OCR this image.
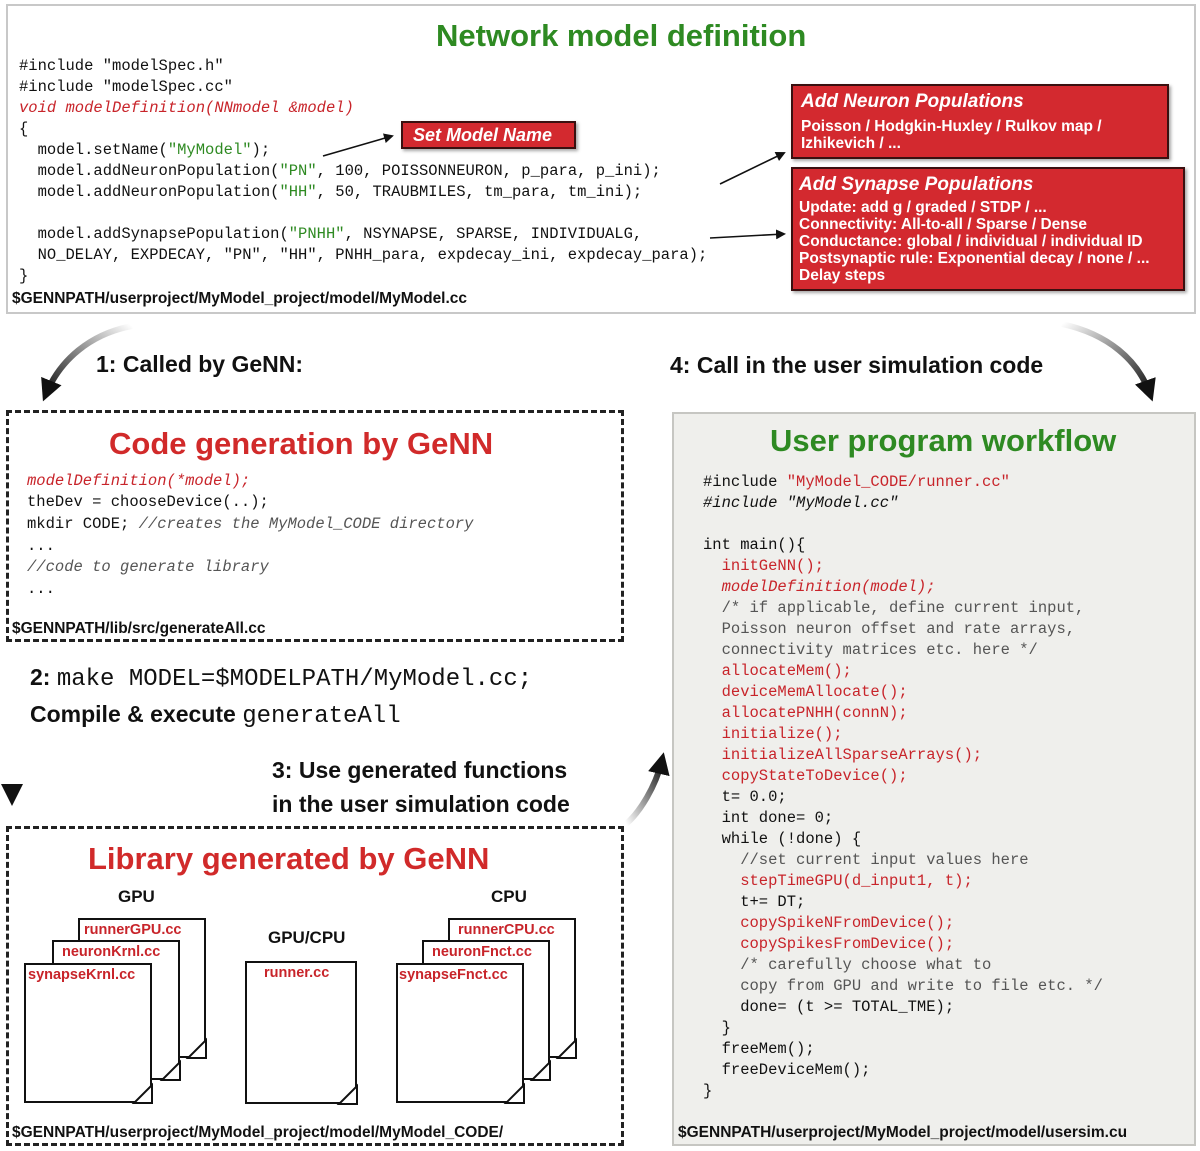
Network model definition
#include "modelSpec.h"
#include "modelSpec.cc"
void modelDefinition(NNmodel &model)
{
model.setName("MyModel");
model.addNeuronPopulation("PN", 100, POISSONNEURON, p_para, p_ini);
model.addNeuronPopulation("HH", 50, TRAUBMILES, tm_para, tm_ini);
model.addSynapsePopulation("PNHH", NSYNAPSE, SPARSE, INDIVIDUALG,
NO_DELAY, EXPDECAY, "PN", "HH", PNHH_para, expdecay_ini, expdecay_para);
}
$GENNPATH/userproject/MyModel_project/model/MyModel.cc
Set Model Name
Add Neuron Populations
Poisson / Hodgkin-Huxley / Rulkov map /
Izhikevich / ...
Add Synapse Populations
Update: add g / graded / STDP / ...
Connectivity: All-to-all / Sparse / Dense
Conductance: global / individual / individual ID
Postsynaptic rule: Exponential decay / none / ...
Delay steps
1: Called by GeNN:	4: Call in the user simulation code
2: make MODEL=$MODELPATH/MyModel.cc;
Compile & execute generateAll
3: Use generated functions
in the user simulation code
Code generation by GeNN
modelDefinition(*model);
theDev = chooseDevice(..);
mkdir CODE; //creates the MyModel_CODE directory
...
//code to generate library
...
$GENNPATH/lib/src/generateAll.cc
Library generated by GeNN
GPU
GPU/CPU
CPU
runnerGPU.cc
neuronKrnl.cc
synapseKrnl.cc	runner.cc
runnerCPU.cc
neuronFnct.cc
synapseFnct.cc
$GENNPATH/userproject/MyModel_project/model/MyModel_CODE/
User program workflow
#include "MyModel_CODE/runner.cc"
#include "MyModel.cc"
int main(){
initGeNN();
modelDefinition(model);
/* if applicable, define current input,
Poisson neuron offset and rate arrays,
connectivity matrices etc. here */
allocateMem();
deviceMemAllocate();
allocatePNHH(connN);
initialize();
initializeAllSparseArrays();
copyStateToDevice();
t= 0.0;
int done= 0;
while (!done) {
//set current input values here
stepTimeGPU(d_input1, t);
t+= DT;
copySpikeNFromDevice();
copySpikesFromDevice();
/* carefully choose what to
copy from GPU and write to file etc. */
done= (t >= TOTAL_TME);
}
freeMem();
freeDeviceMem();
}
$GENNPATH/userproject/MyModel_project/model/usersim.cu
